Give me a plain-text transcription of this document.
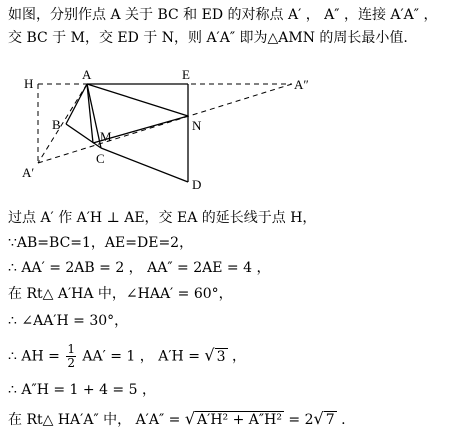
如图，分别作点 A 关于 BC 和 ED 的对称点 A′ ， A″ ，连接 A′A″ ，
交 BC 于 M，交 ED 于 N，则 A′A″ 即为△AMN 的周长最小值.
H
A	E
A″
B
M
N
C
A′
D
过点 A′ 作 A′H ⊥ AE，交 EA 的延长线于点 H，
∵AB=BC=1，AE=DE=2，
∴ AA′ = 2AB = 2 ， AA″ = 2AE = 4 ，
在 Rt△ A′HA 中，∠HAA′ = 60°，
∴ ∠AA′H = 30°，
∴ AH = $\frac{1}{2} AA' = 1$ ， A′H = √ 3 ，
∴ A″H = 1 + 4 = 5 ，
在 Rt△ HA′A″ 中， A′A″ = √ A′H² + A″H² = 2√ 7 .
